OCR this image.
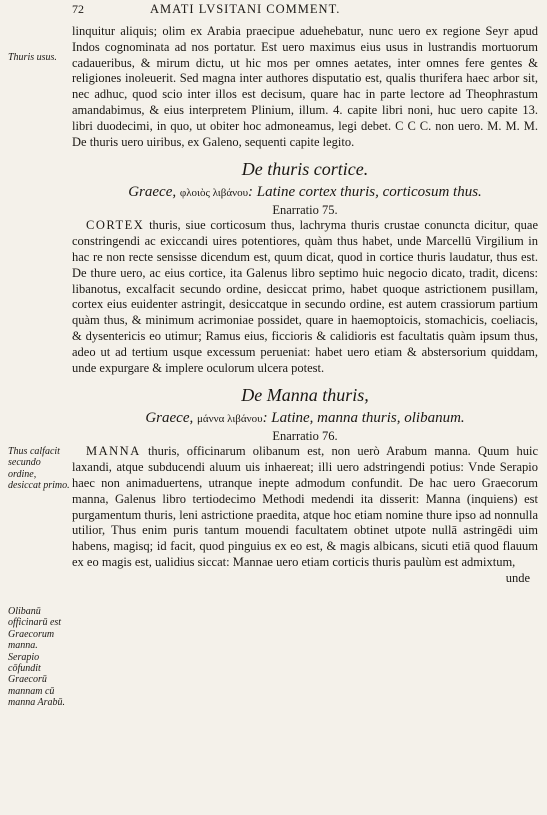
72	AMATI LVSITANI COMMENT.
Thuris usus.
Thus calfacit secundo ordine, desiccat primo.
Olibanū officinarū est Graecorum manna. Serapio cōfundit Graecorū mannam cū manna Arabū.

linquitur aliquis; olim ex Arabia praecipue aduehebatur, nunc uero ex regione Seyr apud Indos cognominata ad nos portatur. Est uero maximus eius usus in lustrandis mortuorum cadaueribus, & mirum dictu, ut hic mos per omnes aetates, inter omnes fere gentes & religiones inoleuerit. Sed magna inter authores disputatio est, qualis thurifera haec arbor sit, nec adhuc, quod scio inter illos est decisum, quare hac in parte lectore ad Theophrastum amandabimus, & eius interpretem Plinium, illum. 4. capite libri noni, huc uero capite 13. libri duodecimi, in quo, ut obiter hoc admoneamus, legi debet. C C C. non uero. M. M. M. De thuris uero uiribus, ex Galeno, sequenti capite legito.

De thuris cortice.
Graece, φλοιὸς λιβάνου: Latine cortex thuris, corticosum thus.
Enarratio 75.

CORTEX thuris, siue corticosum thus, lachryma thuris crustae conuncta dicitur, quae constringendi ac exiccandi uires potentiores, quàm thus habet, unde Marcellū Virgilium in hac re non recte sensisse dicendum est, quum dicat, quod in cortice thuris laudatur, thus est. De thure uero, ac eius cortice, ita Galenus libro septimo huic negocio dicato, tradit, dicens: libanotus, excalfacit secundo ordine, desiccat primo, habet quoque astrictionem pusillam, cortex eius euidenter astringit, desiccatque in secundo ordine, est autem crassiorum partium quàm thus, & minimum acrimoniae possidet, quare in haemoptoicis, stomachicis, coeliacis, & dysentericis eo utimur; Ramus eius, ficcioris & calidioris est facultatis quàm ipsum thus, adeo ut ad tertium usque excessum perueniat: habet uero etiam & abstersorium quiddam, unde expurgare & implere oculorum ulcera potest.

De Manna thuris,
Graece, μάννα λιβάνου: Latine, manna thuris, olibanum.
Enarratio 76.

MANNA thuris, officinarum olibanum est, non uerò Arabum manna. Quum huic laxandi, atque subducendi aluum uis inhaereat; illi uero adstringendi potius: Vnde Serapio haec non animaduertens, utranque inepte admodum confundit. De hac uero Graecorum manna, Galenus libro tertiodecimo Methodi medendi ita disserit: Manna (inquiens) est purgamentum thuris, leni astrictione praedita, atque hoc etiam nomine thure ipso ad nonnulla utilior, Thus enim puris tantum mouendi facultatem obtinet utpote nullā astringēdi uim habens, magisq; id facit, quod pinguius ex eo est, & magis albicans, sicuti etiā quod flauum ex eo magis est, ualidius siccat: Mannae uero etiam corticis thuris paulùm est admixtum,

unde
